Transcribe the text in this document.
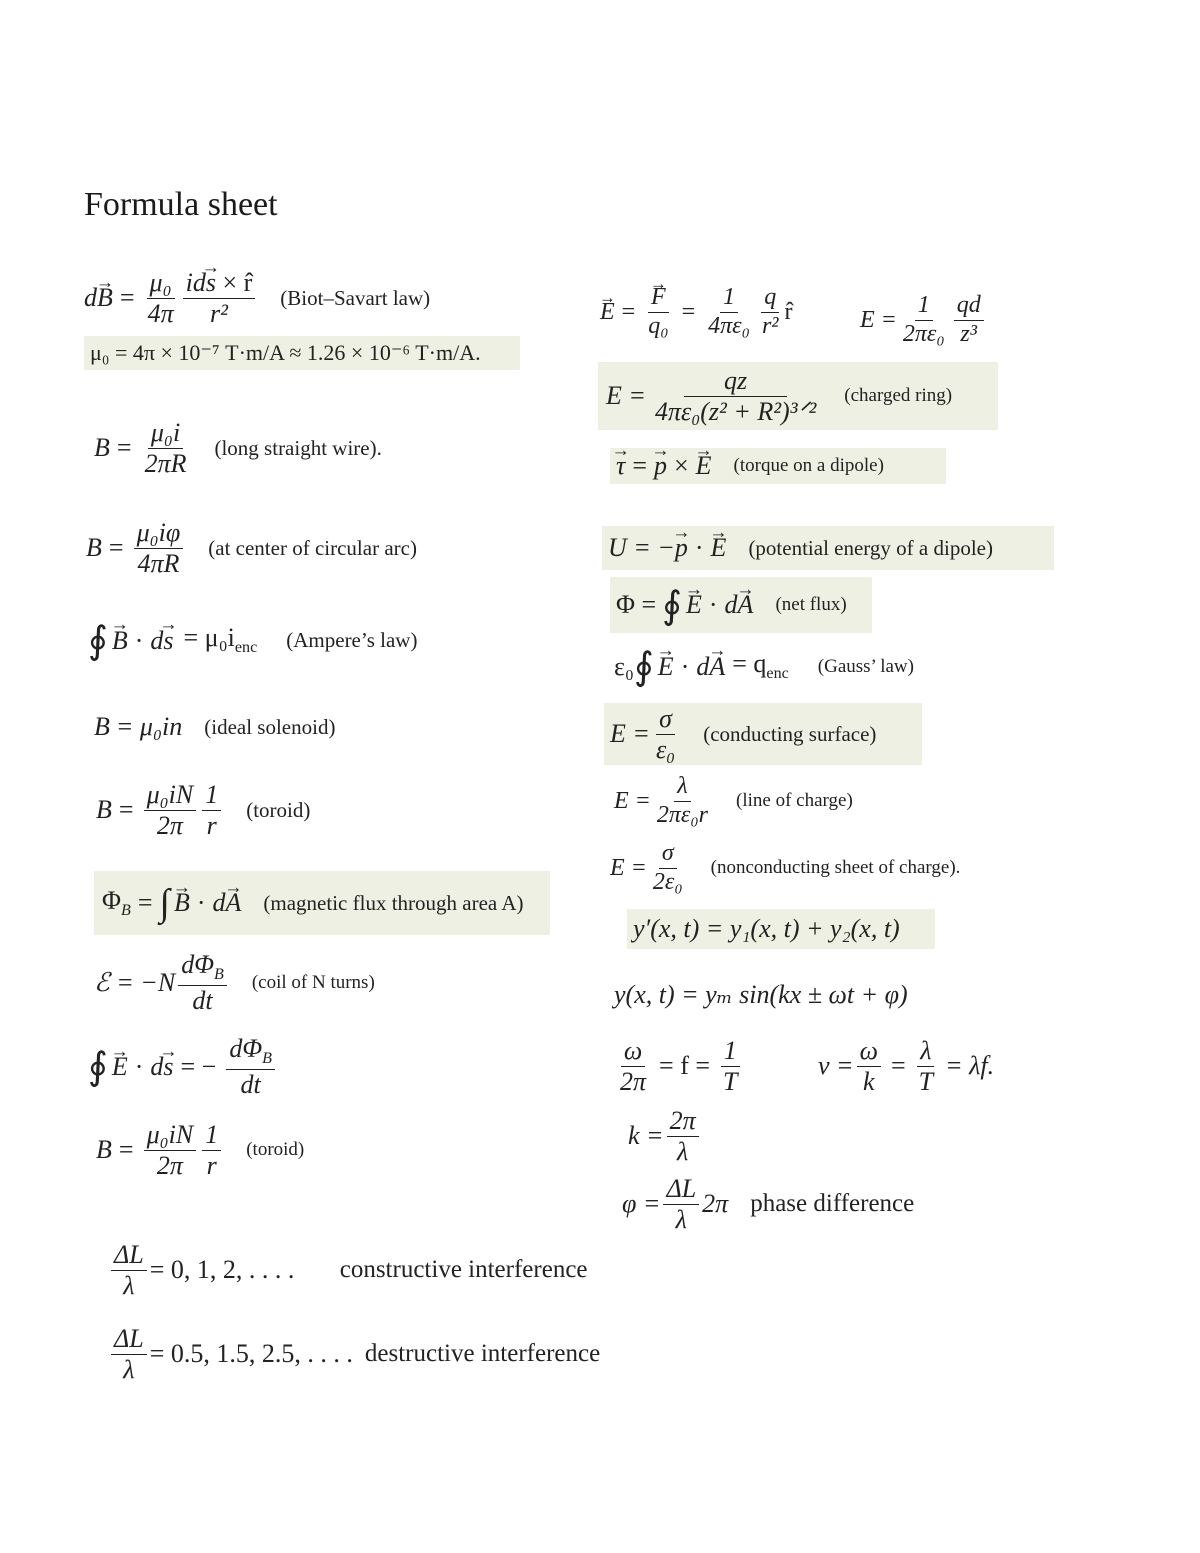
Formula sheet
$d\to B = \frac{\text{μ₀}}{4\pi} \frac{id\to s \times r̂}{\text{r²}}$ (Biot–Savart law)
μ₀ = 4π × 10⁻⁷ T·m/A ≈ 1.26 × 10⁻⁶ T·m/A.
$B = \frac{\text{μ₀i}}{2\pi R}$ (long straight wire).
$B = \frac{\text{μ₀iφ}}{4\pi R} (at$ center of circular arc)
∮
→ B · d
→ $s = \mu_0i_{enc}$ (Ampere’s law)
B = μ₀in (ideal solenoid)
$B = \frac{\text{μ₀iN}}{2\pi} \frac{1}{r}$ (toroid)
$\Phi_B$ = ∫
→ B · d
→ A (magnetic flux through area A)
ℰ = $-N \frac{d\Phi_B}{dt}$ (coil of N turns)
∮
→ E · d
→ s = − $\frac{d\Phi_B}{dt}$
$B = \frac{\text{μ₀iN}}{2\pi} \frac{1}{r}$ (toroid)
$\frac{\Delta L}{\lambda} = 0$, 1, 2, . . . .	constructive interference
$\frac{\Delta L}{\lambda} = 0.5$, 1.5, 2.5, . . . . destructive interference
→ E =
→ $\frac{F}{\text{q₀}} = \frac{1}{\text{4πε₀}} \frac{q}{\text{r²}}$ r̂	$E = \frac{1}{\text{2πε₀}} \frac{qd}{\text{z³}}$
$E = \frac{qz}{\text{4πε₀(z² + R²)³ᐟ²}}$ (charged ring)
→ τ =
→ p ×
→ E (torque on a dipole)
U = −
→ p ·
→ E (potential energy of a dipole)
Φ = ∮
→ E · d
→ A (net flux)
ε₀ ∮
→ E · d
→ $A = q_{enc}$ (Gauss’ law)
$E = \frac{\sigma}{\text{ε₀}}$ (conducting surface)
$E = \frac{\lambda}{\text{2πε₀r}}$ (line of charge)
$E = \frac{\sigma}{\text{2ε₀}}$ (nonconducting sheet of charge).
y′(x, t) = y₁(x, t) + y₂(x, t)
y(x, t) = yₘ sin(kx ± ωt + φ)
$\frac{\omega}{2\pi} = f = \frac{1}{T}$	$v = \frac{\omega}{k} = \frac{\lambda}{T} = \lambda f$.
$k = \frac{2\pi}{\lambda}$
$\varphi = \frac{\Delta L}{\lambda} 2\pi$ phase difference
